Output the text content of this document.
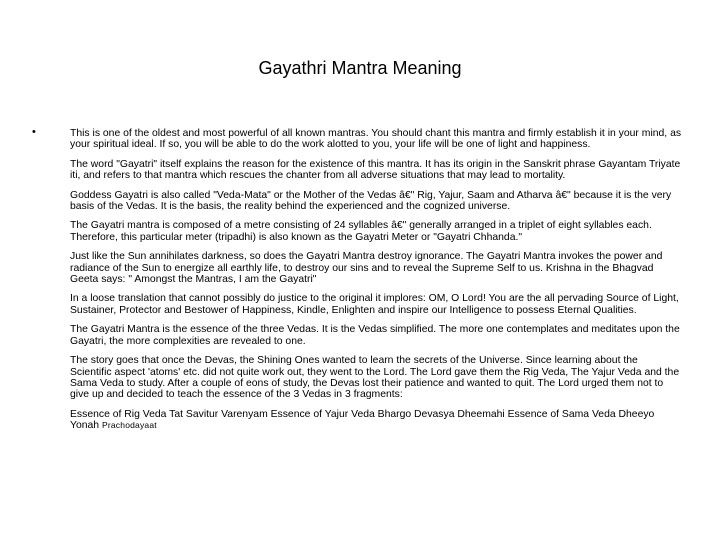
Gayathri Mantra Meaning
•	This is one of the oldest and most powerful of all known mantras. You should chant this mantra and firmly establish it in your mind, as
your spiritual ideal. If so, you will be able to do the work alotted to you, your life will be one of light and happiness.

The word "Gayatri" itself explains the reason for the existence of this mantra. It has its origin in the Sanskrit phrase Gayantam Triyate iti, and refers to that mantra which rescues the chanter from all adverse situations that may lead to mortality.

Goddess Gayatri is also called "Veda-Mata" or the Mother of the Vedas â€" Rig, Yajur, Saam and Atharva â€" because it is the very basis of the Vedas. It is the basis, the reality behind the experienced and the cognized universe.

The Gayatri mantra is composed of a metre consisting of 24 syllables â€" generally arranged in a triplet of eight syllables each. Therefore, this particular meter (tripadhi) is also known as the Gayatri Meter or "Gayatri Chhanda."

Just like the Sun annihilates darkness, so does the Gayatri Mantra destroy ignorance. The Gayatri Mantra invokes the power and radiance of the Sun to energize all earthly life, to destroy our sins and to reveal the Supreme Self to us. Krishna in the Bhagvad Geeta says: " Amongst the Mantras, I am the Gayatri"

In a loose translation that cannot possibly do justice to the original it implores: OM, O Lord! You are the all pervading Source of Light, Sustainer, Protector and Bestower of Happiness, Kindle, Enlighten and inspire our Intelligence to possess Eternal Qualities.

The Gayatri Mantra is the essence of the three Vedas. It is the Vedas simplified. The more one contemplates and meditates upon the Gayatri, the more complexities are revealed to one.

The story goes that once the Devas, the Shining Ones wanted to learn the secrets of the Universe. Since learning about the Scientific aspect 'atoms' etc. did not quite work out, they went to the Lord. The Lord gave them the Rig Veda, The Yajur Veda and the Sama Veda to study. After a couple of eons of study, the Devas lost their patience and wanted to quit. The Lord urged them not to give up and decided to teach the essence of the 3 Vedas in 3 fragments:

Essence of Rig Veda Tat Savitur Varenyam Essence of Yajur Veda Bhargo Devasya Dheemahi Essence of Sama Veda Dheeyo Yonah Prachodayaat
